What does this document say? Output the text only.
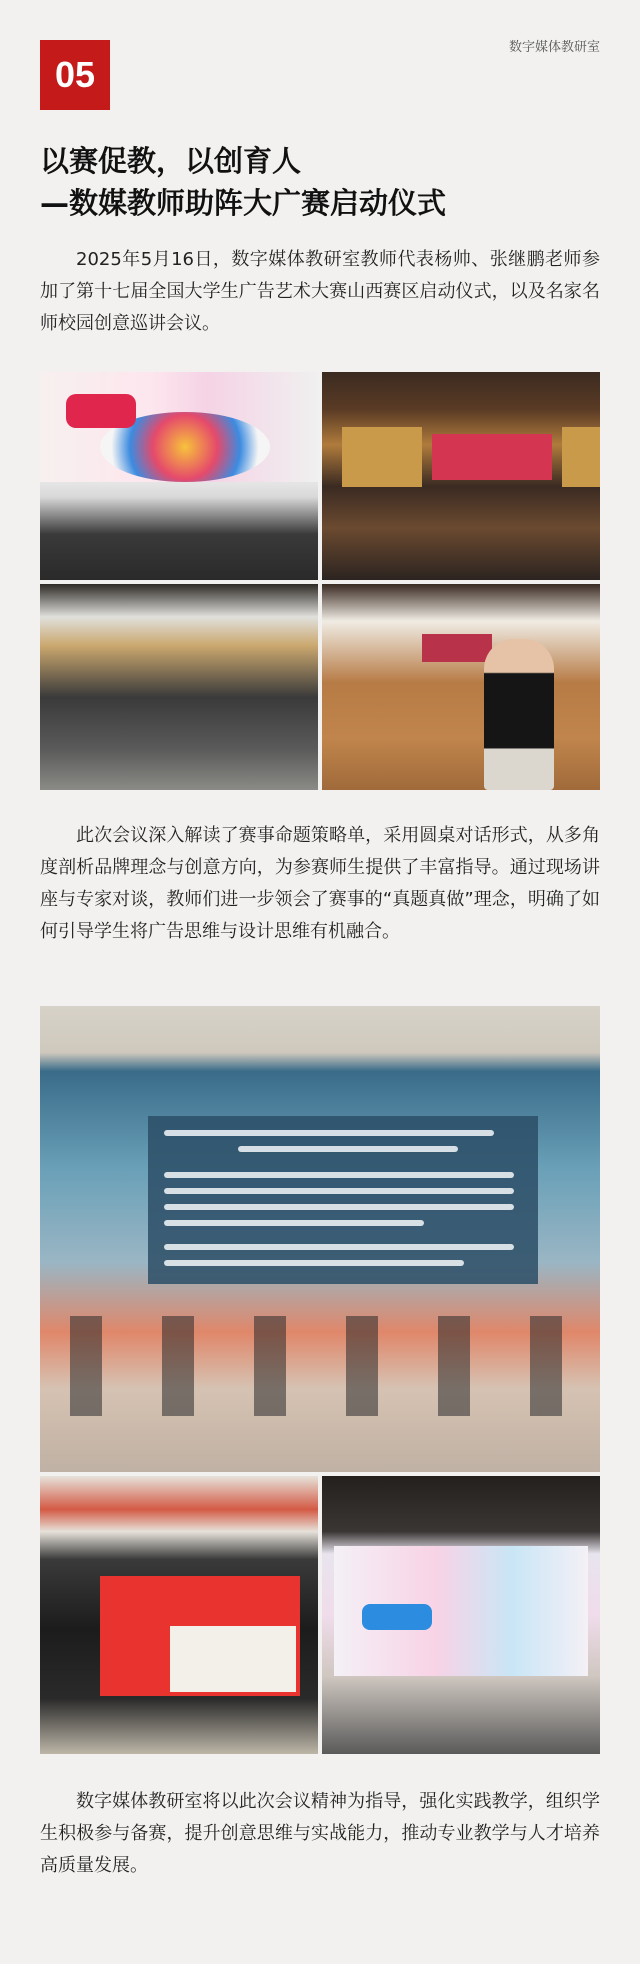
数字媒体教研室
05
以赛促教，以创育人
—数媒教师助阵大广赛启动仪式
2025年5月16日，数字媒体教研室教师代表杨帅、张继鹏老师参加了第十七届全国大学生广告艺术大赛山西赛区启动仪式，以及名家名师校园创意巡讲会议。
此次会议深入解读了赛事命题策略单，采用圆桌对话形式，从多角度剖析品牌理念与创意方向，为参赛师生提供了丰富指导。通过现场讲座与专家对谈，教师们进一步领会了赛事的“真题真做”理念，明确了如何引导学生将广告思维与设计思维有机融合。
数字媒体教研室将以此次会议精神为指导，强化实践教学，组织学生积极参与备赛，提升创意思维与实战能力，推动专业教学与人才培养高质量发展。
